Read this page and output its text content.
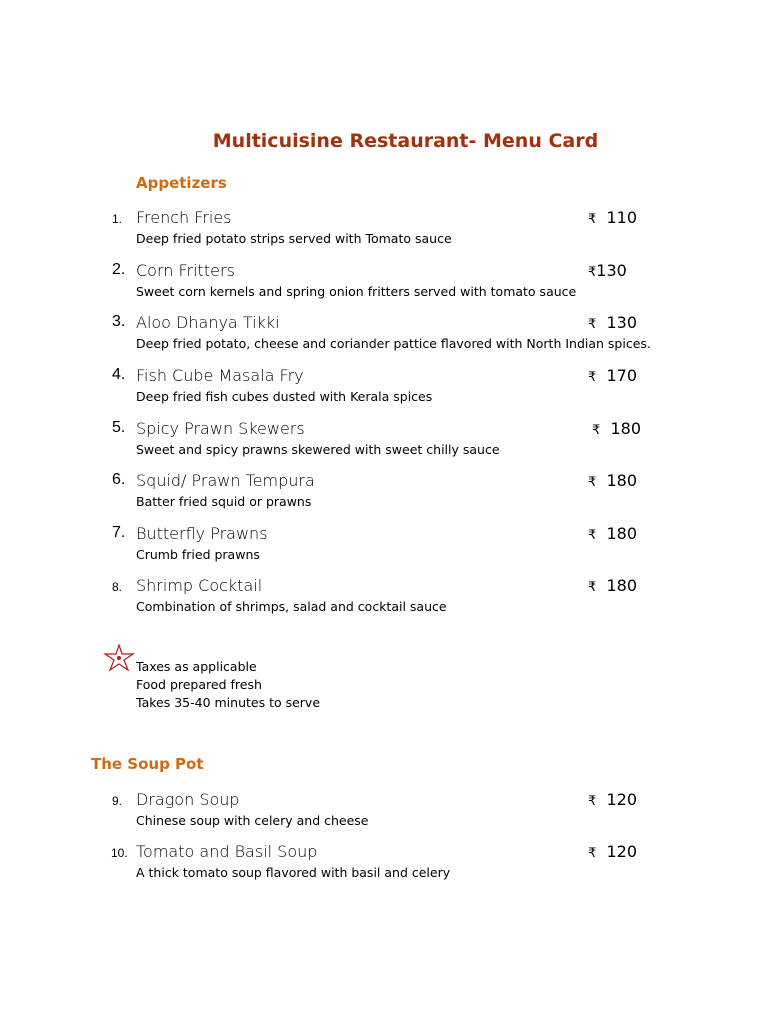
Multicuisine Restaurant- Menu Card
Appetizers
1. French Fries
Deep fried potato strips served with Tomato sauce
₹ 110
2. Corn Fritters
Sweet corn kernels and spring onion fritters served with tomato sauce
₹130
3. Aloo Dhanya Tikki
Deep fried potato, cheese and coriander pattice flavored with North Indian spices.
₹ 130
4. Fish Cube Masala Fry
Deep fried fish cubes dusted with Kerala spices
₹ 170
5. Spicy Prawn Skewers
Sweet and spicy prawns skewered with sweet chilly sauce
₹ 180
6. Squid/ Prawn Tempura
Batter fried squid or prawns
₹ 180
7. Butterfly Prawns
Crumb fried prawns
₹ 180
8. Shrimp Cocktail
Combination of shrimps, salad and cocktail sauce
₹ 180
Taxes as applicable
Food prepared fresh
Takes 35-40 minutes to serve
The Soup Pot
9. Dragon Soup
Chinese soup with celery and cheese
₹ 120
10. Tomato and Basil Soup
A thick tomato soup flavored with basil and celery
₹ 120
